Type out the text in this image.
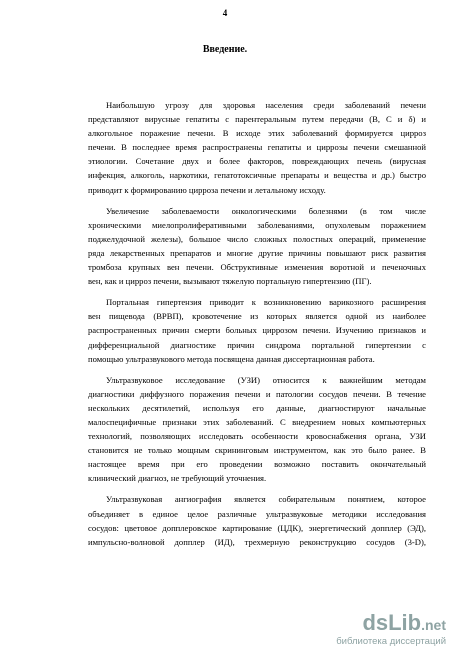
4
Введение.
Наибольшую угрозу для здоровья населения среди заболеваний печени
представляют вирусные гепатиты с парентеральным путем передачи (В, С и δ) и
алкогольное поражение печени. В исходе этих заболеваний формируется цирроз
печени. В последнее время распространены гепатиты и циррозы печени смешанной
этиологии. Сочетание двух и более факторов, повреждающих печень (вирусная
инфекция, алкоголь, наркотики, гепатотоксичные препараты и вещества и др.) быстро
приводит к формированию цирроза печени и летальному исходу.
Увеличение заболеваемости онкологическими болезнями (в том числе
хроническими миелопролиферативными заболеваниями, опухолевым поражением
поджелудочной железы), большое число сложных полостных операций, применение
ряда лекарственных препаратов и многие другие причины повышают риск развития
тромбоза крупных вен печени. Обструктивные изменения воротной и печеночных
вен, как и цирроз печени, вызывают тяжелую портальную гипертензию (ПГ).
Портальная гипертензия приводит к возникновению варикозного расширения
вен пищевода (ВРВП), кровотечение из которых является одной из наиболее
распространенных причин смерти больных циррозом печени. Изучению признаков и
дифференциальной диагностике причин синдрома портальной гипертензии с
помощью ультразвукового метода посвящена данная диссертационная работа.
Ультразвуковое исследование (УЗИ) относится к важнейшим методам
диагностики диффузного поражения печени и патологии сосудов печени. В течение
нескольких десятилетий, используя его данные, диагностируют начальные
малоспецифичные признаки этих заболеваний. С внедрением новых компьютерных
технологий, позволяющих исследовать особенности кровоснабжения органа, УЗИ
становится не только мощным скрининговым инструментом, как это было ранее. В
настоящее время при его проведении возможно поставить окончательный
клинический диагноз, не требующий уточнения.
Ультразвуковая ангиография является собирательным понятием, которое
объединяет в единое целое различные ультразвуковые методики исследования
сосудов: цветовое допплеровское картирование (ЦДК), энергетический допплер (ЭД),
импульсно-волновой допплер (ИД), трехмерную реконструкцию сосудов (3-D),
dsLib.net
библиотека диссертаций
